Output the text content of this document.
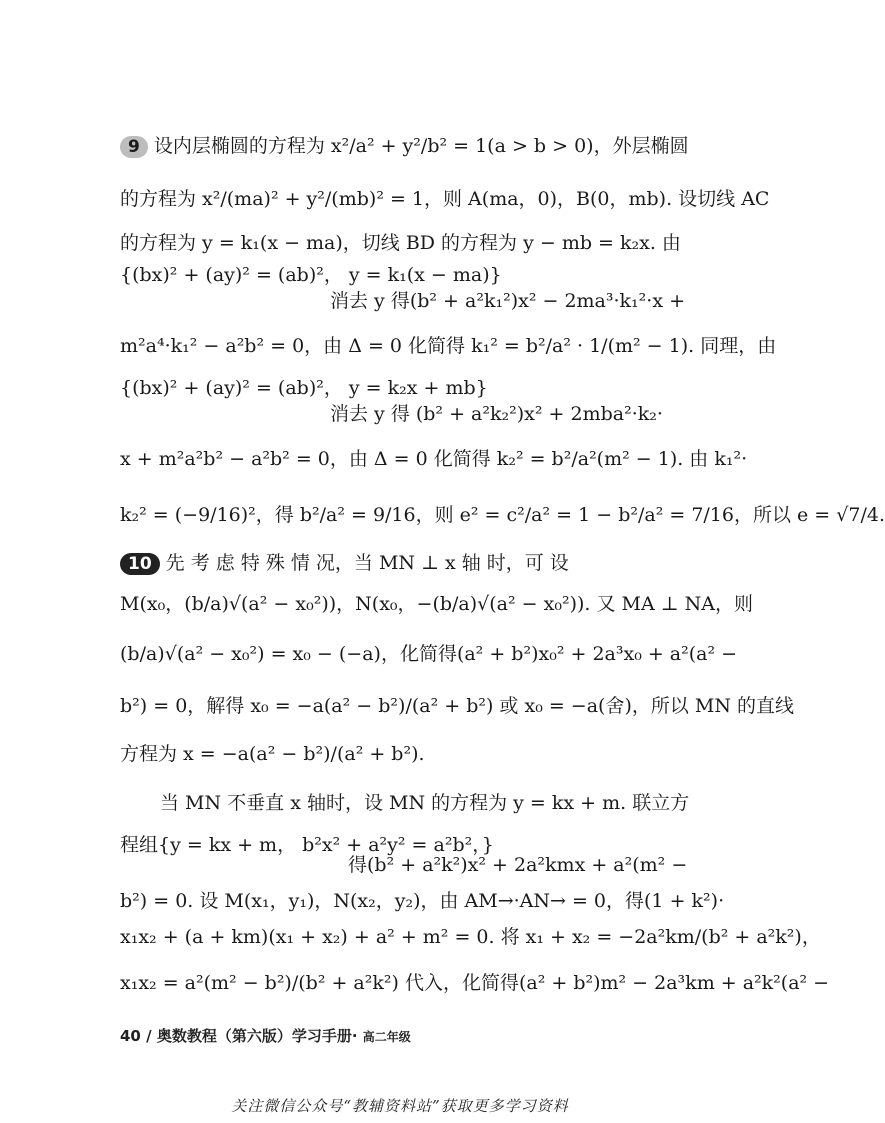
9 设内层椭圆的方程为 x²/a² + y²/b² = 1(a > b > 0)，外层椭圆
的方程为 x²/(ma)² + y²/(mb)² = 1，则 A(ma，0)，B(0，mb). 设切线 AC
的方程为 y = k₁(x − ma)，切线 BD 的方程为 y − mb = k₂x. 由
{(bx)² + (ay)² = (ab)²， y = k₁(x − ma)}
消去 y 得(b² + a²k₁²)x² − 2ma³·k₁²·x +
m²a⁴·k₁² − a²b² = 0，由 Δ = 0 化简得 k₁² = b²/a² · 1/(m² − 1). 同理，由
{(bx)² + (ay)² = (ab)²， y = k₂x + mb}
消去 y 得 (b² + a²k₂²)x² + 2mba²·k₂·
x + m²a²b² − a²b² = 0，由 Δ = 0 化简得 k₂² = b²/a²(m² − 1). 由 k₁²·
k₂² = (−9/16)²，得 b²/a² = 9/16，则 e² = c²/a² = 1 − b²/a² = 7/16，所以 e = √7/4.
10 先 考 虑 特 殊 情 况，当 MN ⊥ x 轴 时，可 设
M(x₀，(b/a)√(a² − x₀²))，N(x₀，−(b/a)√(a² − x₀²)). 又 MA ⊥ NA，则
(b/a)√(a² − x₀²) = x₀ − (−a)，化简得(a² + b²)x₀² + 2a³x₀ + a²(a² −
b²) = 0，解得 x₀ = −a(a² − b²)/(a² + b²) 或 x₀ = −a(舍)，所以 MN 的直线
方程为 x = −a(a² − b²)/(a² + b²).
当 MN 不垂直 x 轴时，设 MN 的方程为 y = kx + m. 联立方
程组{y = kx + m， b²x² + a²y² = a²b²，}
得(b² + a²k²)x² + 2a²kmx + a²(m² −
b²) = 0. 设 M(x₁，y₁)，N(x₂，y₂)，由 AM→·AN→ = 0，得(1 + k²)·
x₁x₂ + (a + km)(x₁ + x₂) + a² + m² = 0. 将 x₁ + x₂ = −2a²km/(b² + a²k²)，
x₁x₂ = a²(m² − b²)/(b² + a²k²) 代入，化简得(a² + b²)m² − 2a³km + a²k²(a² −
40 / 奥数教程（第六版）学习手册· 高二年级
关注微信公众号“教辅资料站”获取更多学习资料
